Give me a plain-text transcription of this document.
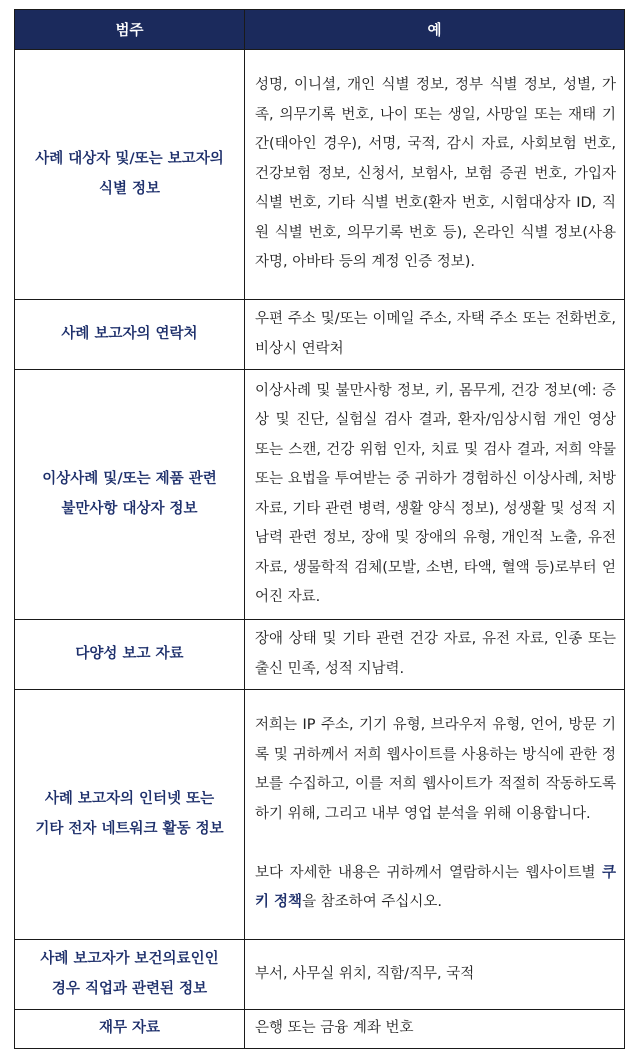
범주	예
사례 대상자 및/또는 보고자의
식별 정보	성명, 이니셜, 개인 식별 정보, 정부 식별 정보, 성별, 가족, 의무기록 번호, 나이 또는 생일, 사망일 또는 재태 기간(태아인 경우), 서명, 국적, 감시 자료, 사회보험 번호, 건강보험 정보, 신청서, 보험사, 보험 증권 번호, 가입자 식별 번호, 기타 식별 번호(환자 번호, 시험대상자 ID, 직원 식별 번호, 의무기록 번호 등), 온라인 식별 정보(사용자명, 아바타 등의 계정 인증 정보).
사례 보고자의 연락처	우편 주소 및/또는 이메일 주소, 자택 주소 또는 전화번호, 비상시 연락처
이상사례 및/또는 제품 관련
불만사항 대상자 정보	이상사례 및 불만사항 정보, 키, 몸무게, 건강 정보(예: 증상 및 진단, 실험실 검사 결과, 환자/임상시험 개인 영상 또는 스캔, 건강 위험 인자, 치료 및 검사 결과, 저희 약물 또는 요법을 투여받는 중 귀하가 경험하신 이상사례, 처방 자료, 기타 관련 병력, 생활 양식 정보), 성생활 및 성적 지남력 관련 정보, 장애 및 장애의 유형, 개인적 노출, 유전 자료, 생물학적 검체(모발, 소변, 타액, 혈액 등)로부터 얻어진 자료.
다양성 보고 자료	장애 상태 및 기타 관련 건강 자료, 유전 자료, 인종 또는 출신 민족, 성적 지남력.
사례 보고자의 인터넷 또는
기타 전자 네트워크 활동 정보	저희는 IP 주소, 기기 유형, 브라우저 유형, 언어, 방문 기록 및 귀하께서 저희 웹사이트를 사용하는 방식에 관한 정보를 수집하고, 이를 저희 웹사이트가 적절히 작동하도록 하기 위해, 그리고 내부 영업 분석을 위해 이용합니다.
보다 자세한 내용은 귀하께서 열람하시는 웹사이트별 쿠키 정책을 참조하여 주십시오.
사례 보고자가 보건의료인인
경우 직업과 관련된 정보	부서, 사무실 위치, 직함/직무, 국적
재무 자료	은행 또는 금융 계좌 번호
